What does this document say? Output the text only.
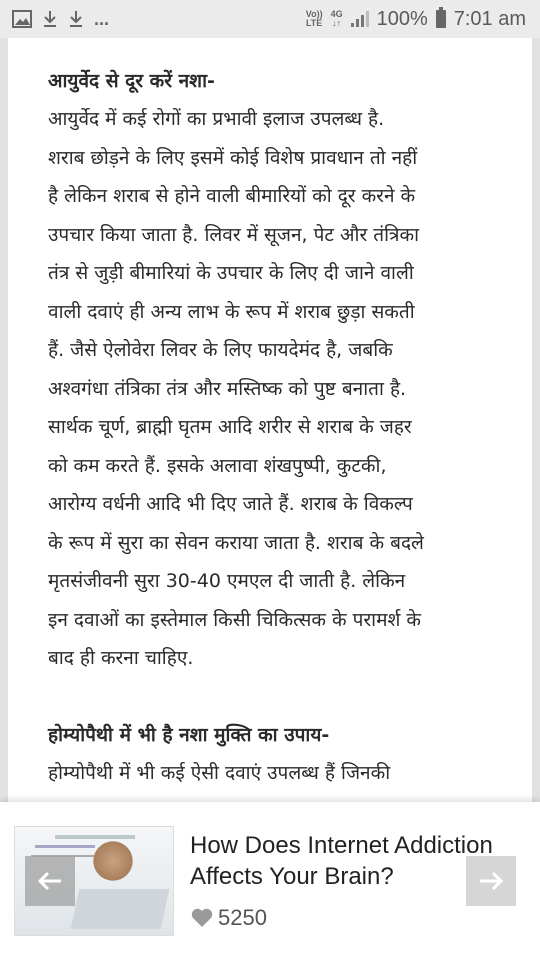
...	Vo))
LTE
4G
↓↑ 100% 7:01 am
आयुर्वेद से दूर करें नशा-

आयुर्वेद में कई रोगों का प्रभावी इलाज उपलब्ध है.
शराब छोड़ने के लिए इसमें कोई विशेष प्रावधान तो नहीं
है लेकिन शराब से होने वाली बीमारियों को दूर करने के
उपचार किया जाता है. लिवर में सूजन, पेट और तंत्रिका
तंत्र से जुड़ी बीमारियां के उपचार के लिए दी जाने वाली
वाली दवाएं ही अन्य लाभ के रूप में शराब छुड़ा सकती
हैं. जैसे ऐलोवेरा लिवर के लिए फायदेमंद है, जबकि
अश्वगंधा तंत्रिका तंत्र और मस्तिष्क को पुष्ट बनाता है.
सार्थक चूर्ण, ब्राह्मी घृतम आदि शरीर से शराब के जहर
को कम करते हैं. इसके अलावा शंखपुष्पी, कुटकी,
आरोग्य वर्धनी आदि भी दिए जाते हैं. शराब के विकल्प
के रूप में सुरा का सेवन कराया जाता है. शराब के बदले
मृतसंजीवनी सुरा 30-40 एमएल दी जाती है. लेकिन
इन दवाओं का इस्तेमाल किसी चिकित्सक के परामर्श के
बाद ही करना चाहिए.

होम्योपैथी में भी है नशा मुक्ति का उपाय-

होम्योपैथी में भी कई ऐसी दवाएं उपलब्ध हैं जिनकी

How Does Internet Addiction Affects Your Brain?
5250
